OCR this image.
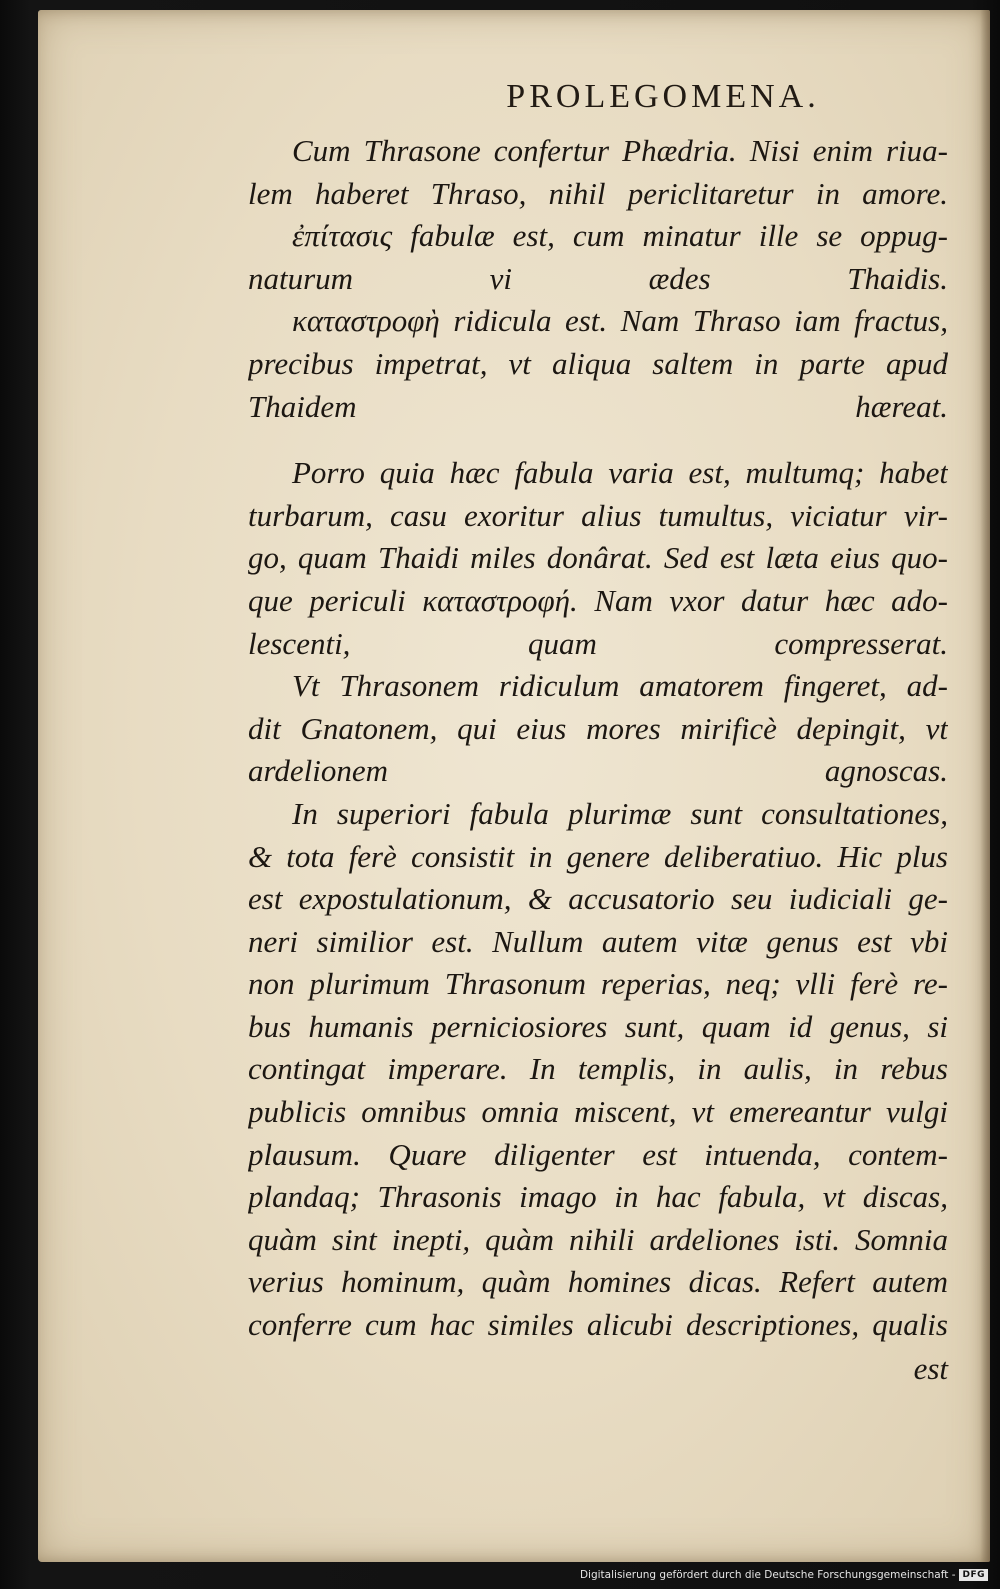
PROLEGOMENA.

Cum Thrasone confertur Phædria. Nisi enim riua-
lem haberet Thraso, nihil periclitaretur in amore.

ἐπίτασις fabulæ est, cum minatur ille se oppug-
naturum vi ædes Thaidis.

καταστροφὴ ridicula est. Nam Thraso iam fractus,
precibus impetrat, vt aliqua saltem in parte apud
Thaidem hæreat.

Porro quia hæc fabula varia est, multumq; habet
turbarum, casu exoritur alius tumultus, viciatur vir-
go, quam Thaidi miles donârat. Sed est læta eius quo-
que periculi καταστροφή. Nam vxor datur hæc ado-
lescenti, quam compresserat.

Vt Thrasonem ridiculum amatorem fingeret, ad-
dit Gnatonem, qui eius mores mirificè depingit, vt
ardelionem agnoscas.

In superiori fabula plurimæ sunt consultationes,
& tota ferè consistit in genere deliberatiuo. Hic plus
est expostulationum, & accusatorio seu iudiciali ge-
neri similior est. Nullum autem vitæ genus est vbi
non plurimum Thrasonum reperias, neq; vlli ferè re-
bus humanis perniciosiores sunt, quam id genus, si
contingat imperare. In templis, in aulis, in rebus
publicis omnibus omnia miscent, vt emereantur vulgi
plausum. Quare diligenter est intuenda, contem-
plandaq; Thrasonis imago in hac fabula, vt discas,
quàm sint inepti, quàm nihili ardeliones isti. Somnia
verius hominum, quàm homines dicas. Refert autem
conferre cum hac similes alicubi descriptiones, qualis

est
Digitalisierung gefördert durch die Deutsche Forschungsgemeinschaft - DFG
